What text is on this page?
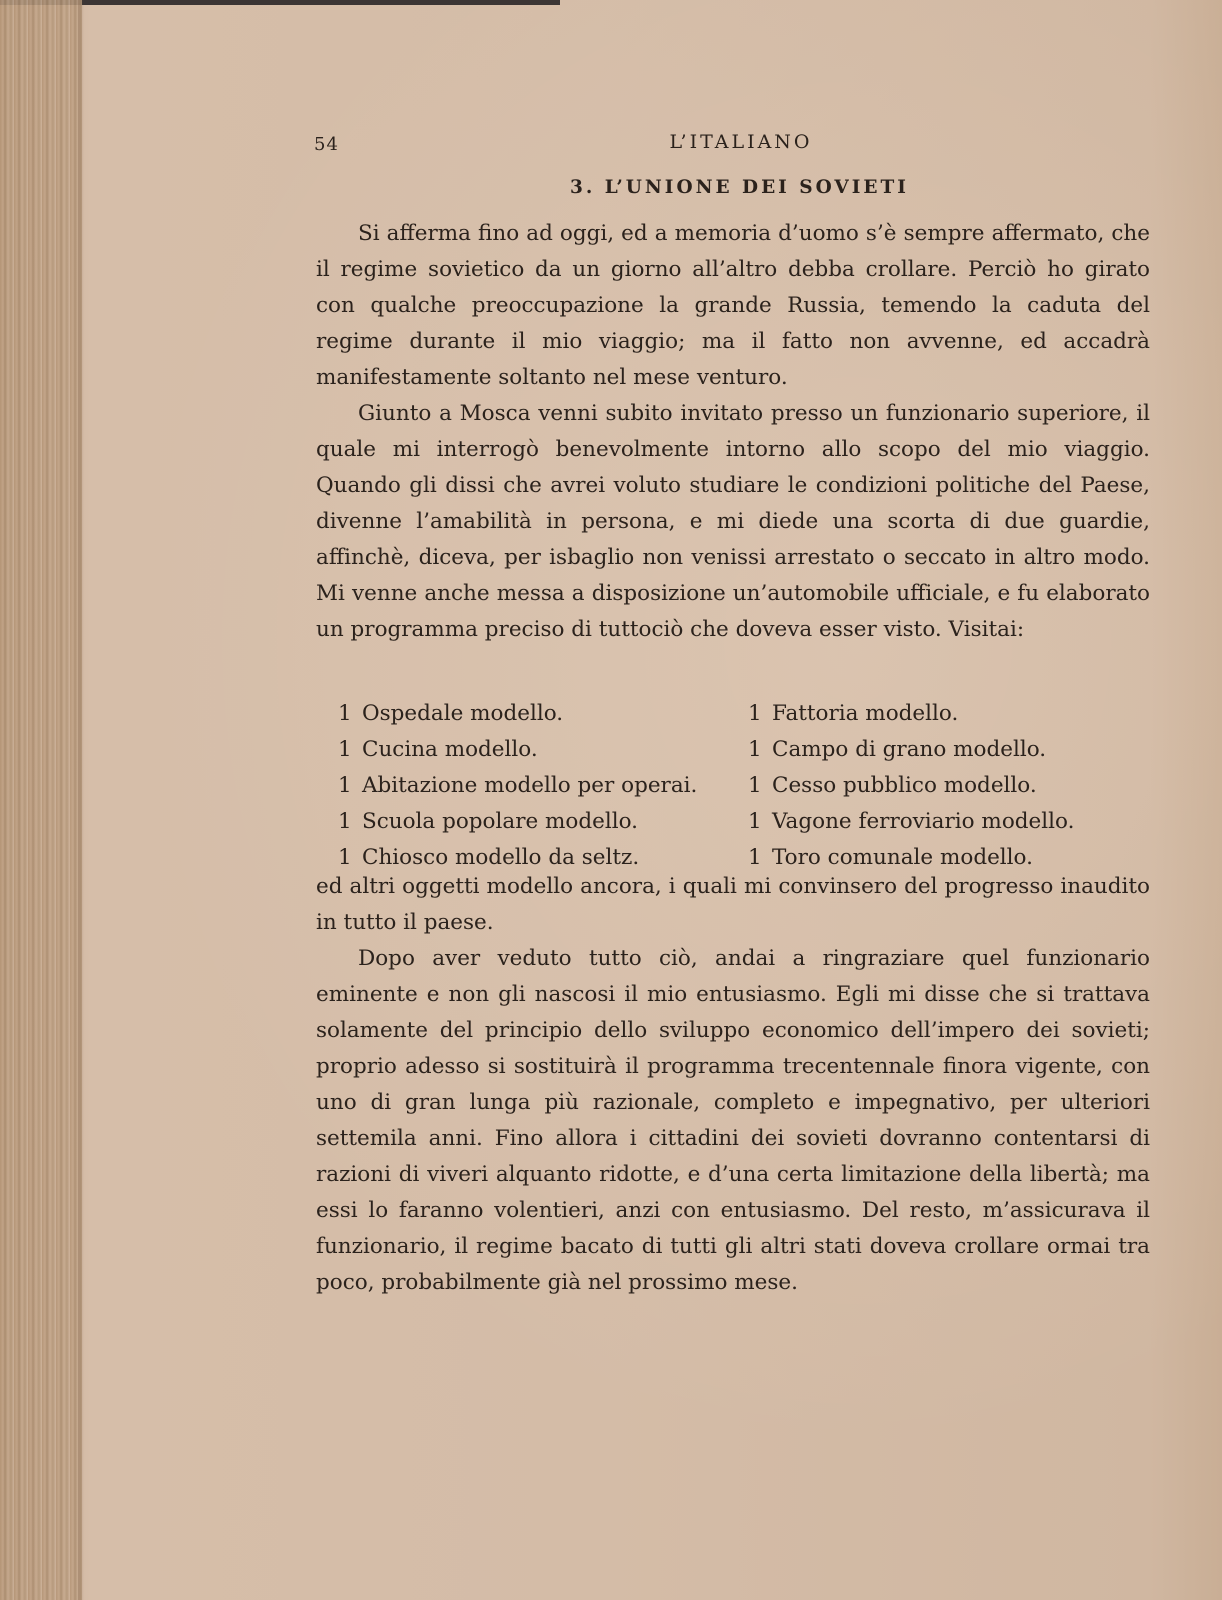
54	L’ITALIANO
3. L’UNIONE DEI SOVIETI

Si afferma fino ad oggi, ed a memoria d’uomo s’è sempre affermato, che il regime sovietico da un giorno all’altro debba crollare. Perciò ho girato con qualche preoccupazione la grande Russia, temendo la caduta del regime durante il mio viaggio; ma il fatto non avvenne, ed accadrà manifestamente soltanto nel mese venturo.

Giunto a Mosca venni subito invitato presso un funzionario superiore, il quale mi interrogò benevolmente intorno allo scopo del mio viaggio. Quando gli dissi che avrei voluto studiare le condizioni politiche del Paese, divenne l’amabilità in persona, e mi diede una scorta di due guardie, affinchè, diceva, per isbaglio non venissi arrestato o seccato in altro modo. Mi venne anche messa a disposizione un’automobile ufficiale, e fu elaborato un programma preciso di tuttociò che doveva esser visto. Visitai:

1 Ospedale modello.
1 Cucina modello.
1 Abitazione modello per operai.
1 Scuola popolare modello.
1 Chiosco modello da seltz.
1 Fattoria modello.
1 Campo di grano modello.
1 Cesso pubblico modello.
1 Vagone ferroviario modello.
1 Toro comunale modello.

ed altri oggetti modello ancora, i quali mi convinsero del progresso inaudito in tutto il paese.

Dopo aver veduto tutto ciò, andai a ringraziare quel funzionario eminente e non gli nascosi il mio entusiasmo. Egli mi disse che si trattava solamente del principio dello sviluppo economico dell’impero dei sovieti; proprio adesso si sostituirà il programma trecentennale finora vigente, con uno di gran lunga più razionale, completo e impegnativo, per ulteriori settemila anni. Fino allora i cittadini dei sovieti dovranno contentarsi di razioni di viveri alquanto ridotte, e d’una certa limitazione della libertà; ma essi lo faranno volentieri, anzi con entusiasmo. Del resto, m’assicurava il funzionario, il regime bacato di tutti gli altri stati doveva crollare ormai tra poco, probabilmente già nel prossimo mese.
